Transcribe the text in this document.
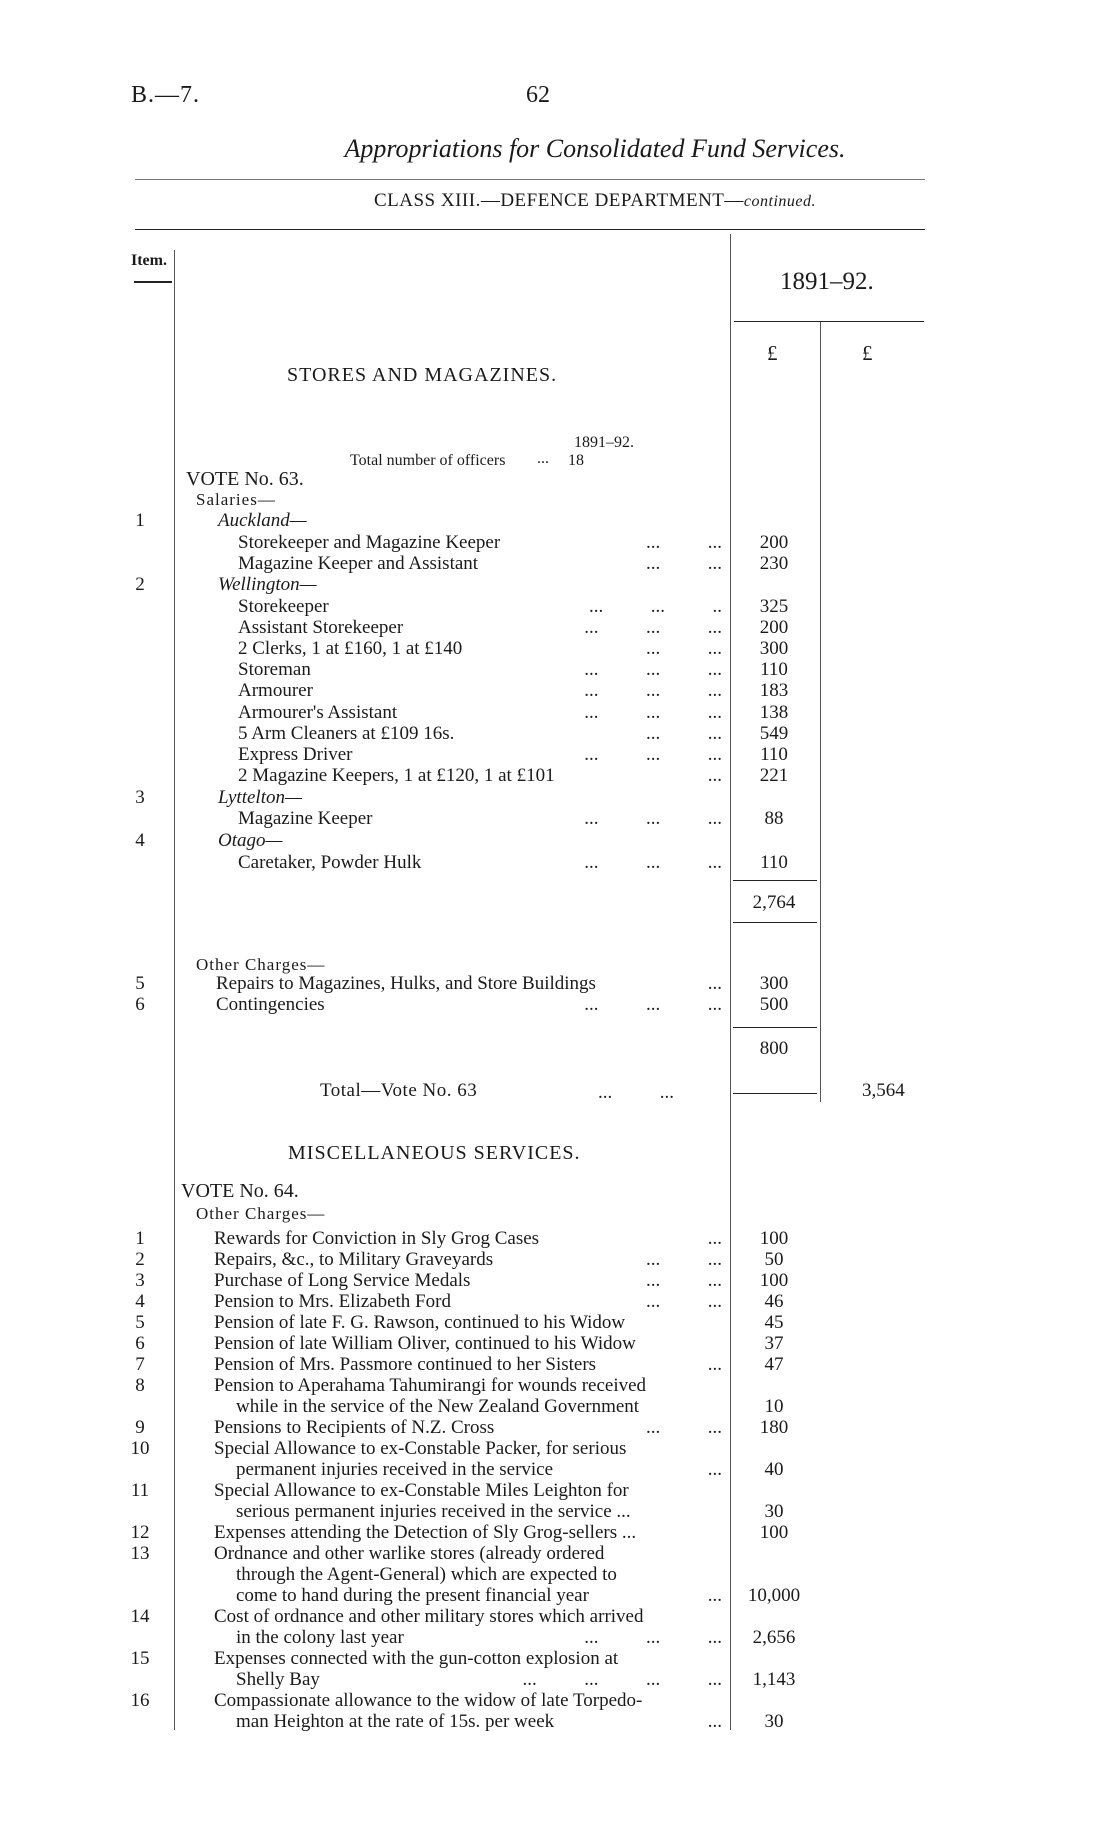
B.—7.	62
Appropriations for Consolidated Fund Services.
CLASS XIII.—DEFENCE DEPARTMENT—continued.
Item.
1891–92.
£	£
STORES AND MAGAZINES.
1891–92.
Total number of officers ... 18
VOTE No. 63.
Salaries—
1	Auckland—
Storekeeper and Magazine Keeper	...          ...	200
Magazine Keeper and Assistant	...          ...	230
2	Wellington—
Storekeeper	...          ...          ..	325
Assistant Storekeeper	...          ...          ...	200
2 Clerks, 1 at £160, 1 at £140	...          ...	300
Storeman	...          ...          ...	110
Armourer	...          ...          ...	183
Armourer's Assistant	...          ...          ...	138
5 Arm Cleaners at £109 16s.	...          ...	549
Express Driver	...          ...          ...	110
2 Magazine Keepers, 1 at £120, 1 at £101	...	221
3	Lyttelton—
Magazine Keeper	...          ...          ...	88
4	Otago—
Caretaker, Powder Hulk	...          ...          ...	110
2,764
Other Charges—
5	Repairs to Magazines, Hulks, and Store Buildings	...	300
6	Contingencies	...          ...          ...	500
800
Total—Vote No. 63	...          ...	3,564
MISCELLANEOUS SERVICES.
VOTE No. 64.
Other Charges—
1	Rewards for Conviction in Sly Grog Cases	...	100
2	Repairs, &c., to Military Graveyards	...          ...	50
3	Purchase of Long Service Medals	...          ...	100
4	Pension to Mrs. Elizabeth Ford	...          ...	46
5	Pension of late F. G. Rawson, continued to his Widow	45
6	Pension of late William Oliver, continued to his Widow	37
7	Pension of Mrs. Passmore continued to her Sisters	...	47
8	Pension to Aperahama Tahumirangi for wounds received
while in the service of the New Zealand Government	10
9	Pensions to Recipients of N.Z. Cross	...          ...	180
10	Special Allowance to ex-Constable Packer, for serious
permanent injuries received in the service	...	40
11	Special Allowance to ex-Constable Miles Leighton for
serious permanent injuries received in the service ...	30
12	Expenses attending the Detection of Sly Grog-sellers ...	100
13	Ordnance and other warlike stores (already ordered
through the Agent-General) which are expected to
come to hand during the present financial year	...	10,000
14	Cost of ordnance and other military stores which arrived
in the colony last year	...          ...          ...	2,656
15	Expenses connected with the gun-cotton explosion at
Shelly Bay	...          ...          ...          ...	1,143
16	Compassionate allowance to the widow of late Torpedo-
man Heighton at the rate of 15s. per week	...	30
